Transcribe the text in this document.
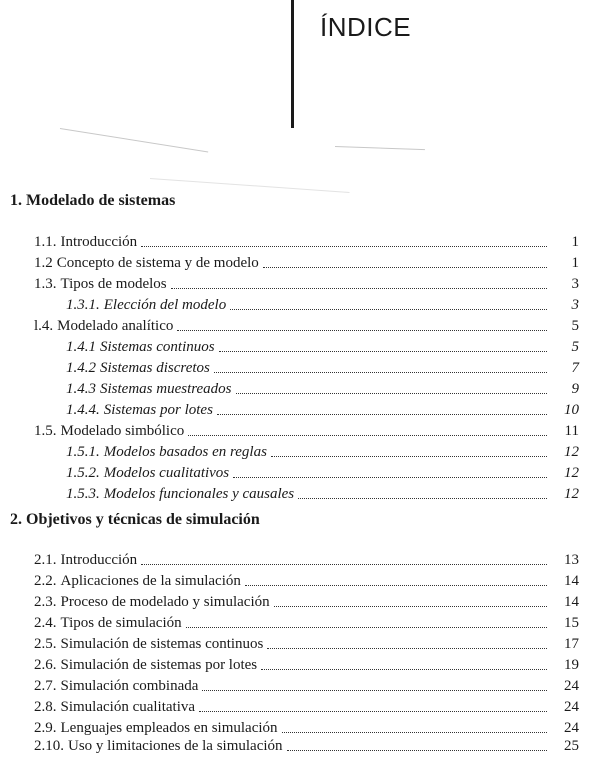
ÍNDICE
1. Modelado de sistemas
1.1. Introducción	1
1.2 Concepto de sistema y de modelo	1
1.3. Tipos de modelos	3
1.3.1. Elección del modelo	3
l.4. Modelado analítico	5
1.4.1 Sistemas continuos	5
1.4.2 Sistemas discretos	7
1.4.3 Sistemas muestreados	9
1.4.4. Sistemas por lotes	10
1.5. Modelado simbólico	11
1.5.1. Modelos basados en reglas	12
1.5.2. Modelos cualitativos	12
1.5.3. Modelos funcionales y causales	12
2. Objetivos y técnicas de simulación
2.1. Introducción	13
2.2. Aplicaciones de la simulación	14
2.3. Proceso de modelado y simulación	14
2.4. Tipos de simulación	15
2.5. Simulación de sistemas continuos	17
2.6. Simulación de sistemas por lotes	19
2.7. Simulación combinada	24
2.8. Simulación cualitativa	24
2.9. Lenguajes empleados en simulación	24
2.10. Uso y limitaciones de la simulación	25
